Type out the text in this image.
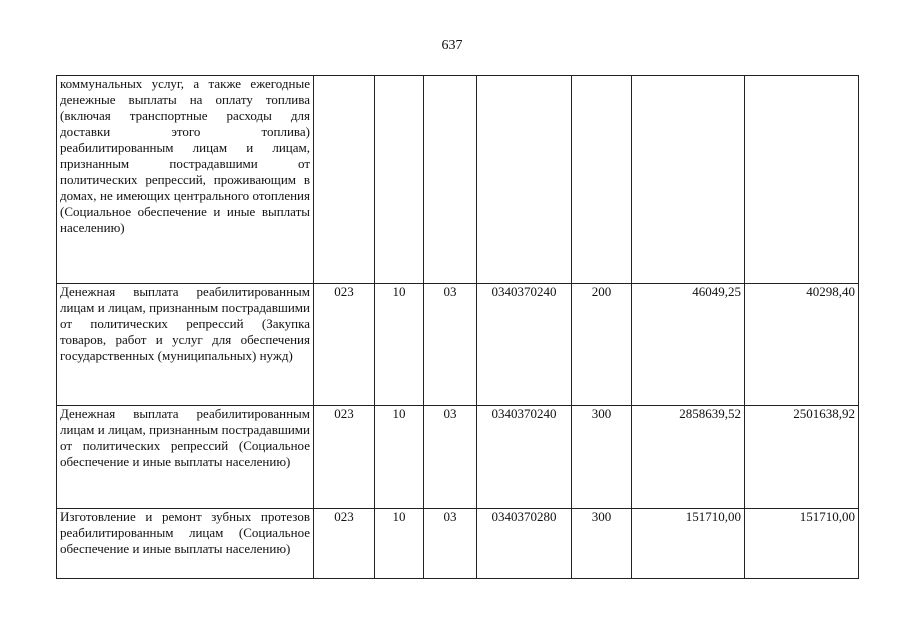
637
коммунальных услуг, а также ежегодные денежные выплаты на оплату топлива (включая транспортные расходы для доставки этого топлива) реабилитированным лицам и лицам, признанным пострадавшими от политических репрессий, проживающим в домах, не имеющих центрального отопления (Социальное обеспечение и иные выплаты населению)							
Денежная выплата реабилитированным лицам и лицам, признанным пострадавшими от политических репрессий (Закупка товаров, работ и услуг для обеспечения государственных (муниципальных) нужд)	023	10	03	0340370240	200	46049,25	40298,40
Денежная выплата реабилитированным лицам и лицам, признанным пострадавшими от политических репрессий (Социальное обеспечение и иные выплаты населению)	023	10	03	0340370240	300	2858639,52	2501638,92
Изготовление и ремонт зубных протезов реабилитированным лицам (Социальное обеспечение и иные выплаты населению)	023	10	03	0340370280	300	151710,00	151710,00
